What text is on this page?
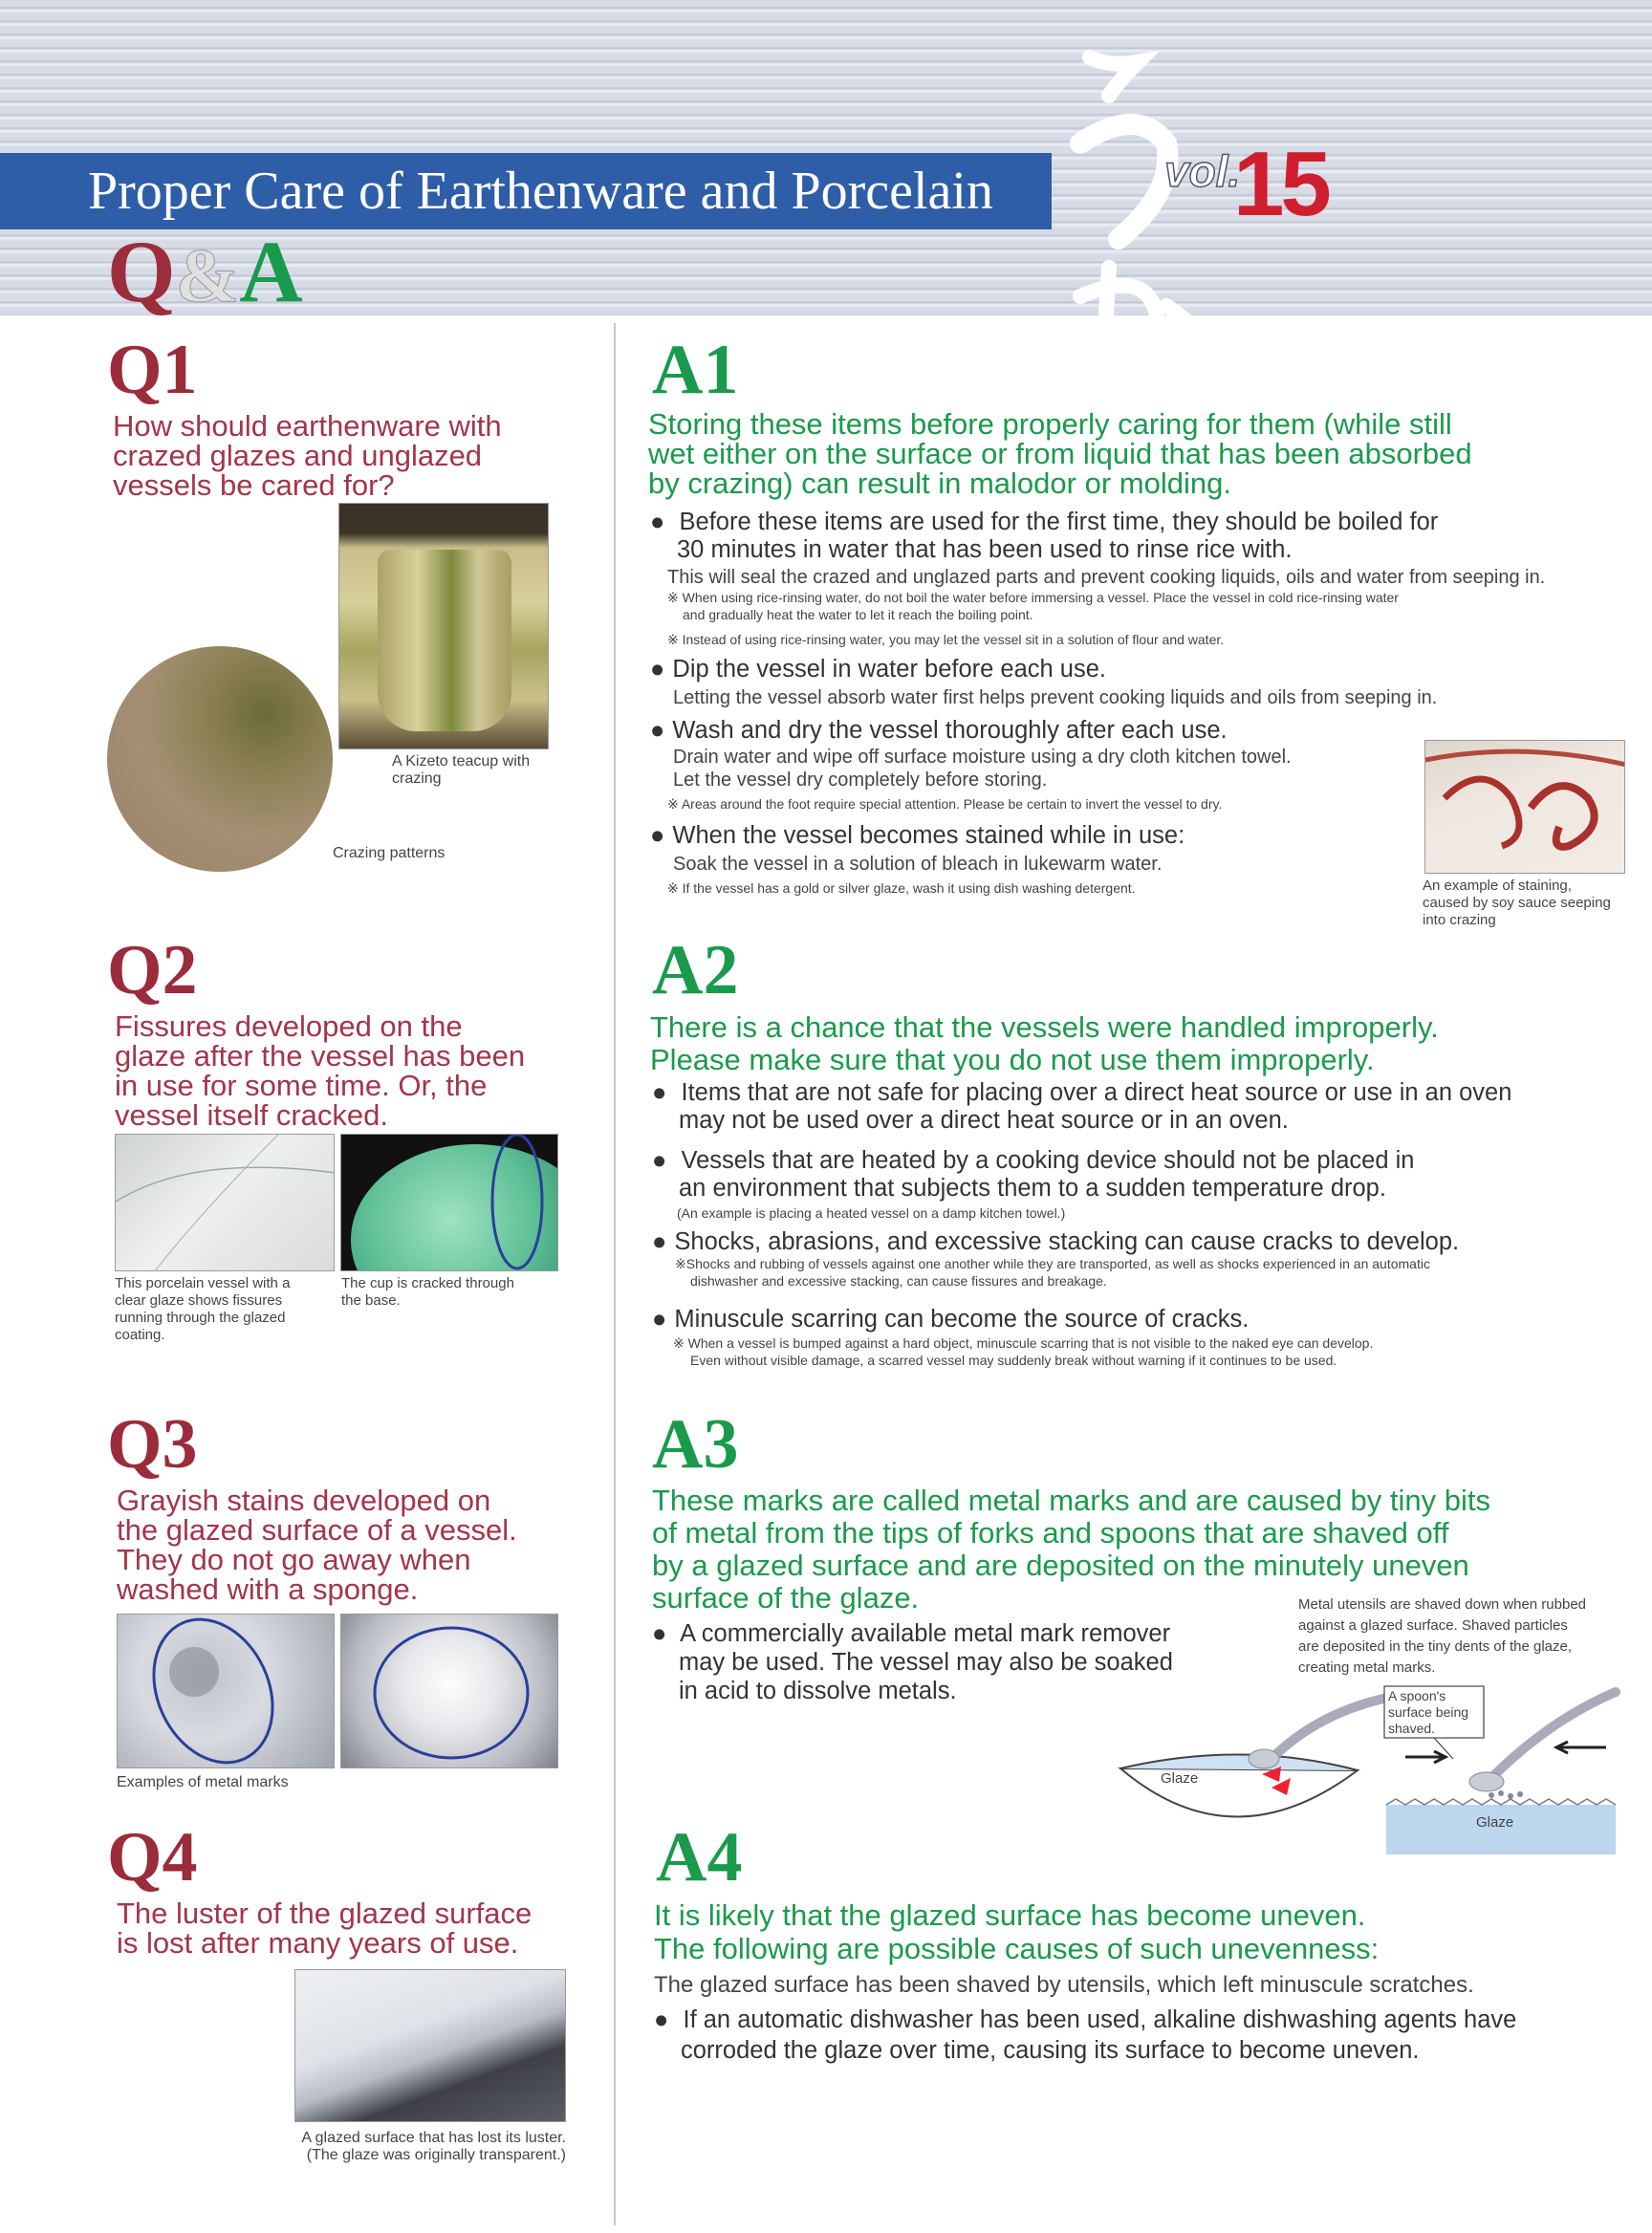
Proper Care of Earthenware and Porcelain	vol.
15
Q&A
Q1
How should earthenware with
crazed glazes and unglazed
vessels be cared for?
A Kizeto teacup with
crazing
Crazing patterns
A1
Storing these items before properly caring for them (while still
wet either on the surface or from liquid that has been absorbed
by crazing) can result in malodor or molding.
● Before these items are used for the first time, they should be boiled for
30 minutes in water that has been used to rinse rice with.
This will seal the crazed and unglazed parts and prevent cooking liquids, oils and water from seeping in.
※ When using rice-rinsing water, do not boil the water before immersing a vessel. Place the vessel in cold rice-rinsing water
and gradually heat the water to let it reach the boiling point.
※ Instead of using rice-rinsing water, you may let the vessel sit in a solution of flour and water.
● Dip the vessel in water before each use.
Letting the vessel absorb water first helps prevent cooking liquids and oils from seeping in.
● Wash and dry the vessel thoroughly after each use.
Drain water and wipe off surface moisture using a dry cloth kitchen towel.
Let the vessel dry completely before storing.
※ Areas around the foot require special attention. Please be certain to invert the vessel to dry.
● When the vessel becomes stained while in use:
Soak the vessel in a solution of bleach in lukewarm water.
※ If the vessel has a gold or silver glaze, wash it using dish washing detergent.	An example of staining,
caused by soy sauce seeping
into crazing
Q2
Fissures developed on the
glaze after the vessel has been
in use for some time. Or, the
vessel itself cracked.
This porcelain vessel with a
clear glaze shows fissures
running through the glazed
coating.
The cup is cracked through
the base.
A2
There is a chance that the vessels were handled improperly.
Please make sure that you do not use them improperly.
● Items that are not safe for placing over a direct heat source or use in an oven
may not be used over a direct heat source or in an oven.
● Vessels that are heated by a cooking device should not be placed in
an environment that subjects them to a sudden temperature drop.
(An example is placing a heated vessel on a damp kitchen towel.)
● Shocks, abrasions, and excessive stacking can cause cracks to develop.
※Shocks and rubbing of vessels against one another while they are transported, as well as shocks experienced in an automatic
dishwasher and excessive stacking, can cause fissures and breakage.
● Minuscule scarring can become the source of cracks.
※ When a vessel is bumped against a hard object, minuscule scarring that is not visible to the naked eye can develop.
Even without visible damage, a scarred vessel may suddenly break without warning if it continues to be used.
Q3
Grayish stains developed on
the glazed surface of a vessel.
They do not go away when
washed with a sponge.
Examples of metal marks
A3
These marks are called metal marks and are caused by tiny bits
of metal from the tips of forks and spoons that are shaved off
by a glazed surface and are deposited on the minutely uneven
surface of the glaze.
● A commercially available metal mark remover
may be used. The vessel may also be soaked
in acid to dissolve metals.
Metal utensils are shaved down when rubbed
against a glazed surface. Shaved particles
are deposited in the tiny dents of the glaze,
creating metal marks.
A spoon's
surface being
shaved.
Glaze
Glaze
Q4
The luster of the glazed surface
is lost after many years of use.
A glazed surface that has lost its luster.
(The glaze was originally transparent.)
A4
It is likely that the glazed surface has become uneven.
The following are possible causes of such unevenness:
The glazed surface has been shaved by utensils, which left minuscule scratches.
● If an automatic dishwasher has been used, alkaline dishwashing agents have
corroded the glaze over time, causing its surface to become uneven.
